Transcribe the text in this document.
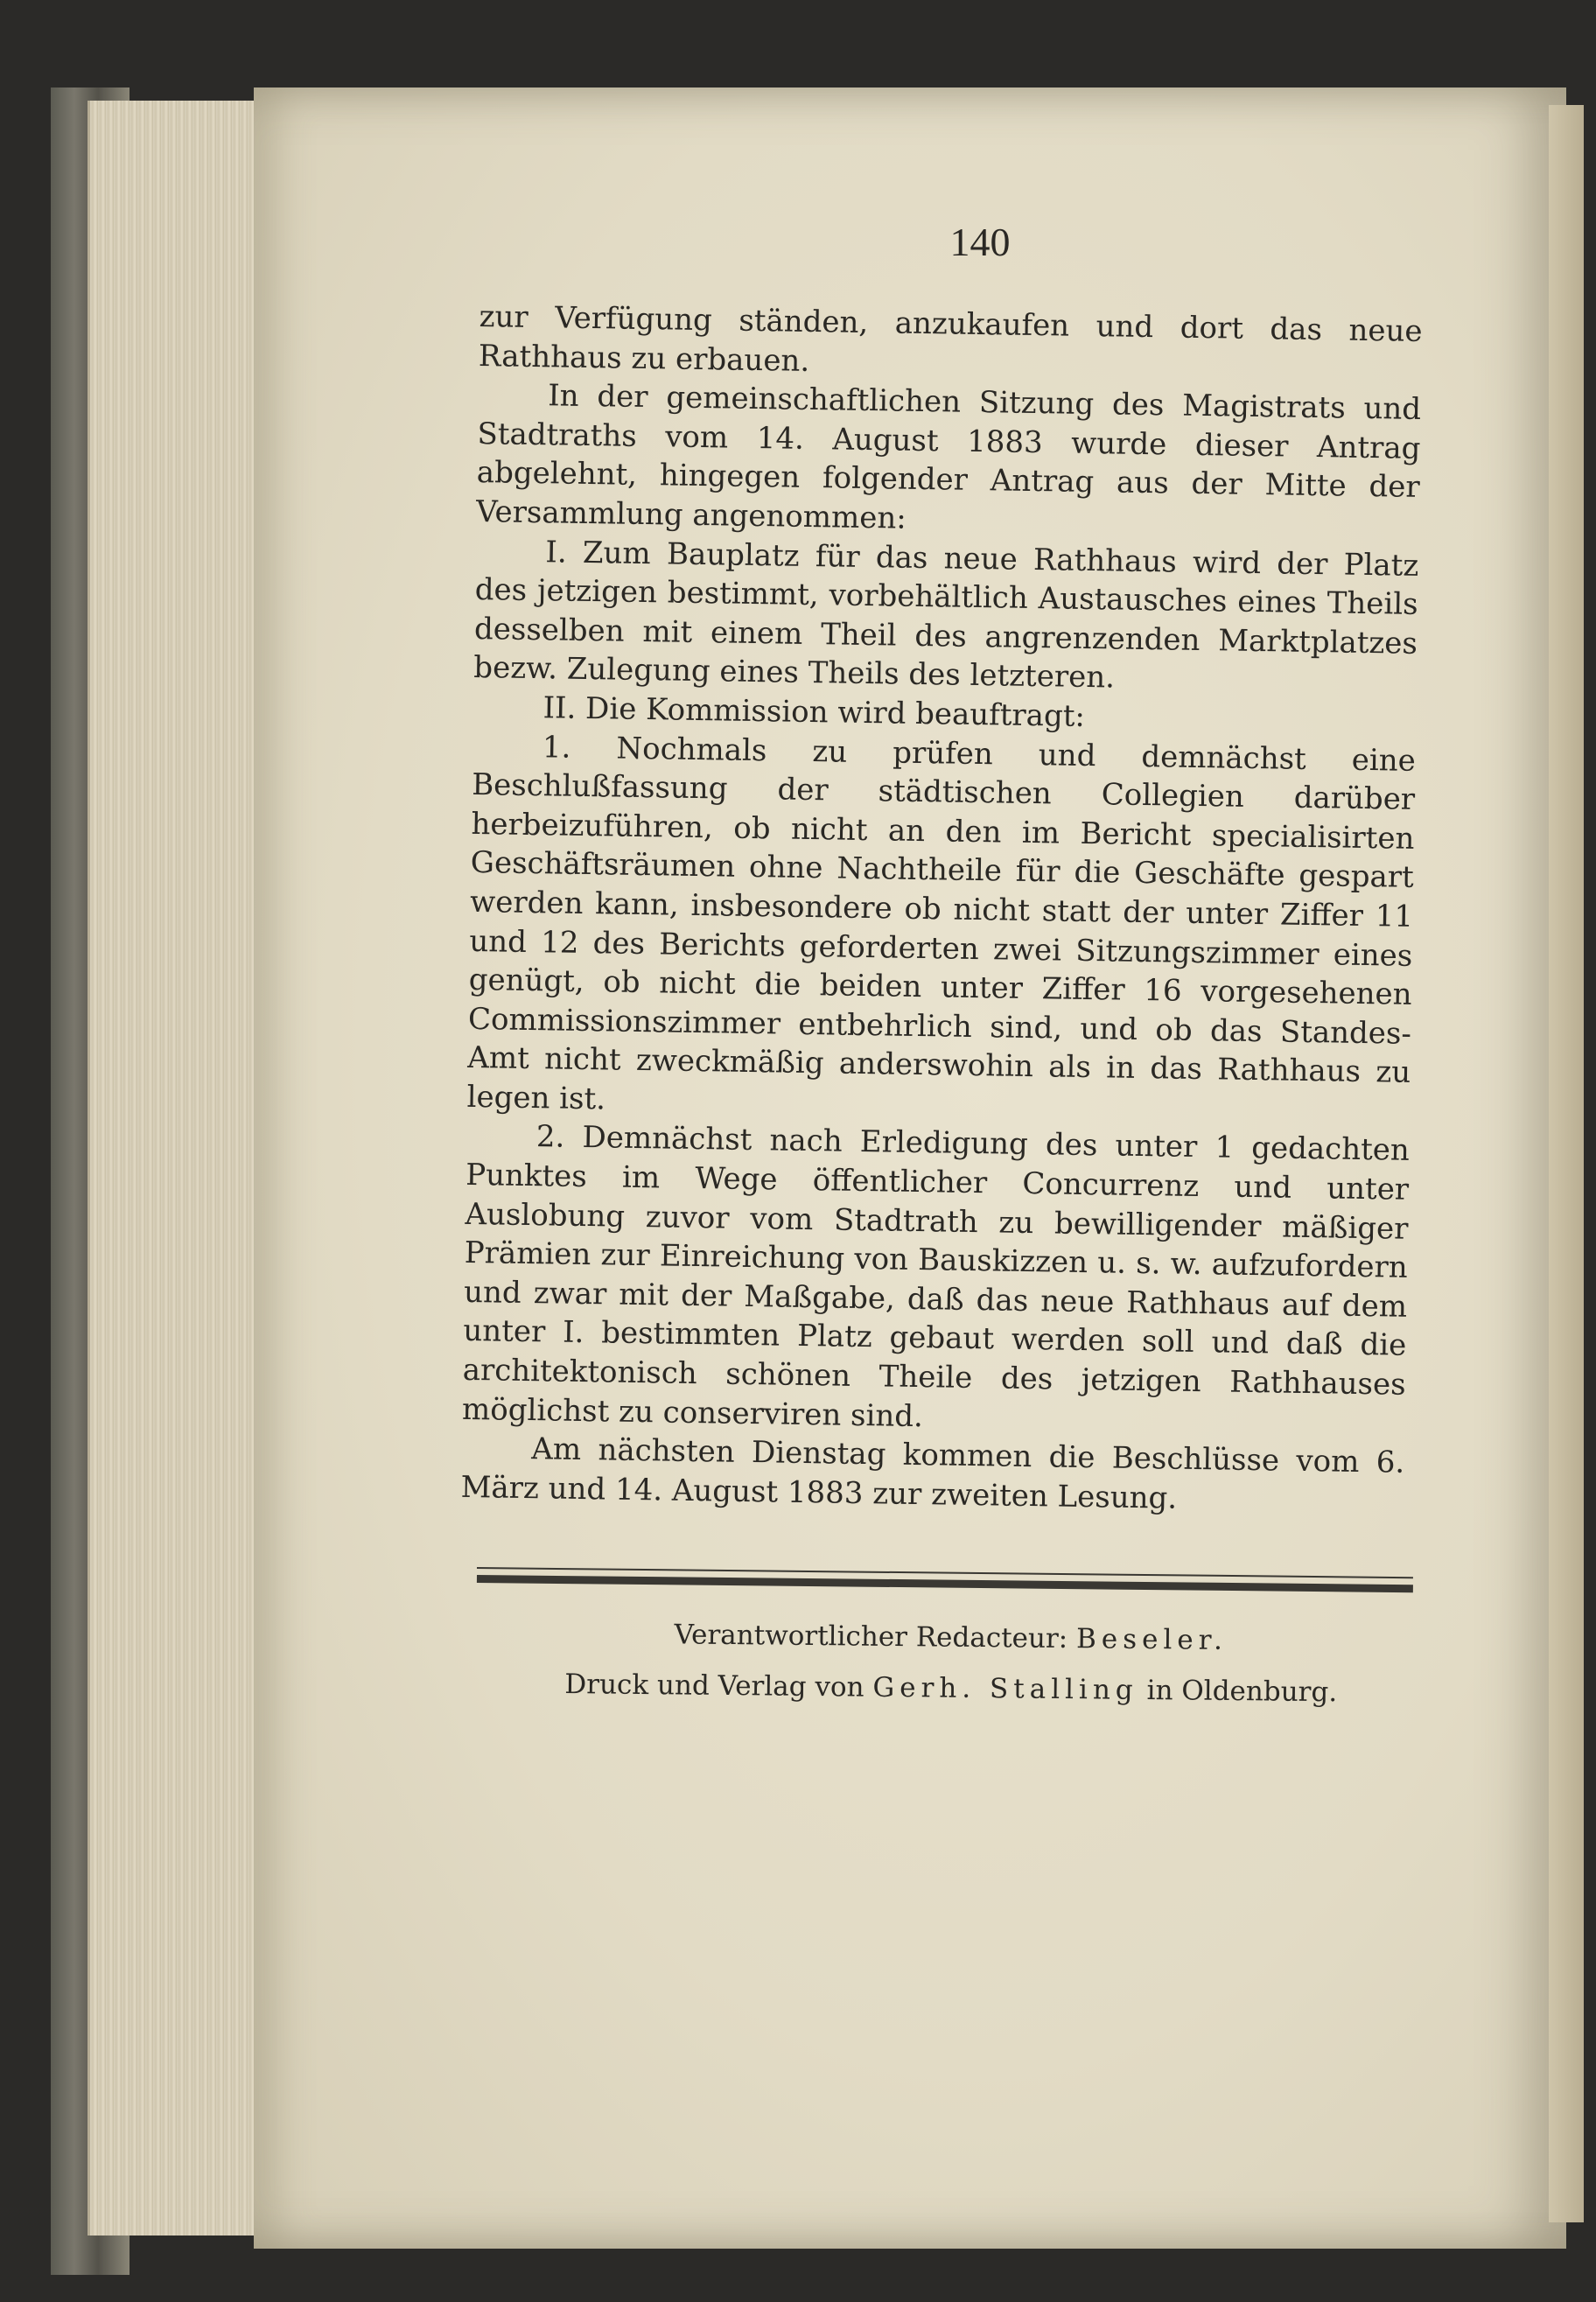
140

zur Verfügung ständen, anzukaufen und dort das neue Rathhaus zu erbauen.

In der gemeinschaftlichen Sitzung des Magistrats und Stadtraths vom 14. August 1883 wurde dieser Antrag abgelehnt, hingegen folgender Antrag aus der Mitte der Versammlung angenommen:

I. Zum Bauplatz für das neue Rathhaus wird der Platz des jetzigen bestimmt, vorbehältlich Austausches eines Theils desselben mit einem Theil des angrenzenden Marktplatzes bezw. Zulegung eines Theils des letzteren.

II. Die Kommission wird beauftragt:

1. Nochmals zu prüfen und demnächst eine Beschlußfassung der städtischen Collegien darüber herbeizuführen, ob nicht an den im Bericht specialisirten Geschäftsräumen ohne Nachtheile für die Geschäfte gespart werden kann, insbesondere ob nicht statt der unter Ziffer 11 und 12 des Berichts geforderten zwei Sitzungszimmer eines genügt, ob nicht die beiden unter Ziffer 16 vorgesehenen Commissionszimmer entbehrlich sind, und ob das Standes-Amt nicht zweckmäßig anderswohin als in das Rathhaus zu legen ist.

2. Demnächst nach Erledigung des unter 1 gedachten Punktes im Wege öffentlicher Concurrenz und unter Auslobung zuvor vom Stadtrath zu bewilligender mäßiger Prämien zur Einreichung von Bauskizzen u. s. w. aufzufordern und zwar mit der Maßgabe, daß das neue Rathhaus auf dem unter I. bestimmten Platz gebaut werden soll und daß die architektonisch schönen Theile des jetzigen Rathhauses möglichst zu conserviren sind.

Am nächsten Dienstag kommen die Beschlüsse vom 6. März und 14. August 1883 zur zweiten Lesung.

Verantwortlicher Redacteur: Beseler.
Druck und Verlag von Gerh. Stalling in Oldenburg.
